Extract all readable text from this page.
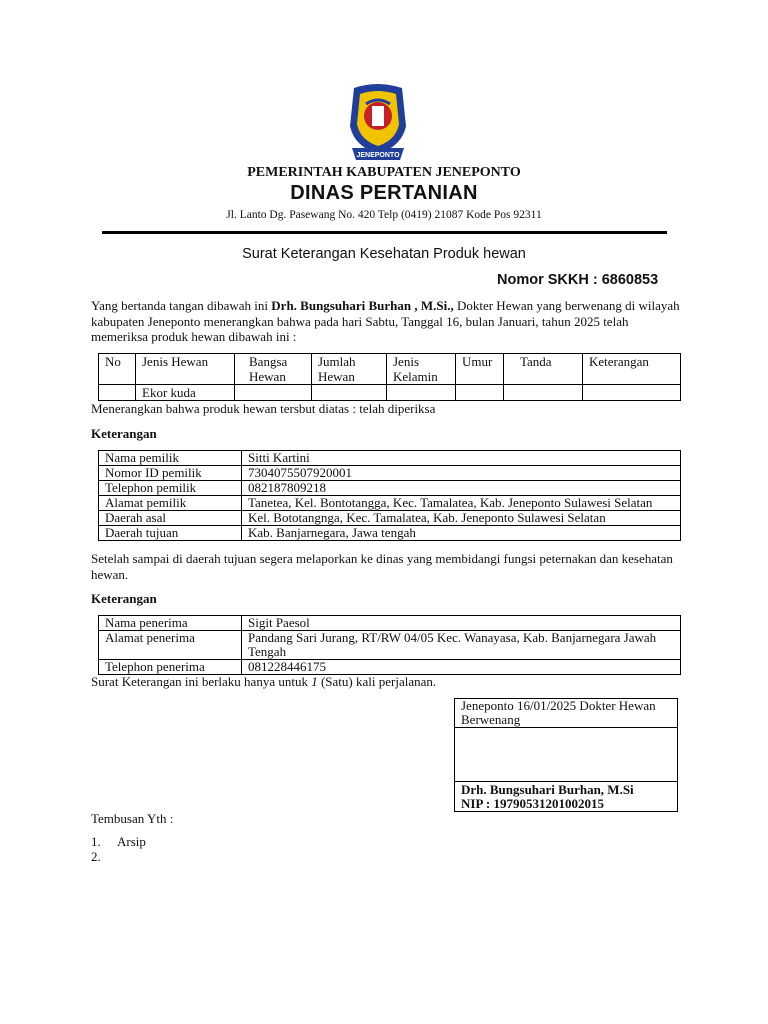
JENEPONTO
PEMERINTAH KABUPATEN JENEPONTO
DINAS PERTANIAN
Jl. Lanto Dg. Pasewang No. 420 Telp (0419) 21087 Kode Pos 92311
Surat Keterangan Kesehatan Produk hewan
Nomor SKKH : 6860853
Yang bertanda tangan dibawah ini Drh. Bungsuhari Burhan , M.Si., Dokter Hewan yang berwenang di wilayah kabupaten Jeneponto menerangkan bahwa pada hari Sabtu, Tanggal 16, bulan Januari, tahun 2025 telah memeriksa produk hewan dibawah ini :
No	Jenis Hewan	Bangsa Hewan	Jumlah Hewan	Jenis Kelamin	Umur	Tanda	Keterangan
	Ekor kuda						
Menerangkan bahwa produk hewan tersbut diatas : telah diperiksa
Keterangan
Nama pemilik	Sitti Kartini
Nomor ID pemilik	7304075507920001
Telephon pemilik	082187809218
Alamat pemilik	Tanetea, Kel. Bontotangga, Kec. Tamalatea, Kab. Jeneponto Sulawesi Selatan
Daerah asal	Kel. Bototangnga, Kec. Tamalatea, Kab. Jeneponto Sulawesi Selatan
Daerah tujuan	Kab. Banjarnegara, Jawa tengah
Setelah sampai di daerah tujuan segera melaporkan ke dinas yang membidangi fungsi peternakan dan kesehatan hewan.
Keterangan
Nama penerima	Sigit Paesol
Alamat penerima	Pandang Sari Jurang, RT/RW 04/05 Kec. Wanayasa, Kab. Banjarnegara Jawah Tengah
Telephon penerima	081228446175
Surat Keterangan ini berlaku hanya untuk 1 (Satu) kali perjalanan.
Jeneponto 16/01/2025 Dokter Hewan Berwenang
Drh. Bungsuhari Burhan, M.Si
NIP : 19790531201002015
Tembusan Yth :
1. Arsip
2.
